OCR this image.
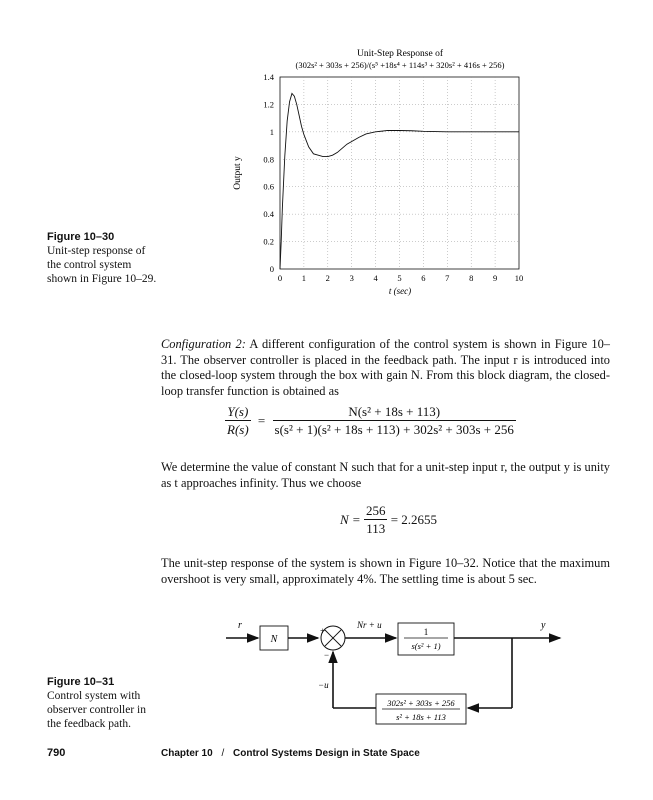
Unit-Step Response of
(302s² + 303s + 256)/(s⁵ +18s⁴ + 114s³ + 320s² + 416s + 256)
0
0.2
0.4
0.6
0.8
1
1.2
1.4
0 1 2 3 4 5 6 7 8 9 10
Output y
t (sec)
Figure 10–30
Unit-step response of the control system shown in Figure 10–29.
Configuration 2: A different configuration of the control system is shown in Figure 10–31. The observer controller is placed in the feedback path. The input r is introduced into the closed-loop system through the box with gain N. From this block diagram, the closed-loop transfer function is obtained as
$\frac{Y(s)}{R(s)} = \frac{\text{N(s² + 18s + 113)}}{\text{s(s² + 1)(s² + 18s + 113) + 302s² + 303s + 256}}$
We determine the value of constant N such that for a unit-step input r, the output y is unity as t approaches infinity. Thus we choose
$N = \frac{256}{113} = 2.2655$
The unit-step response of the system is shown in Figure 10–32. Notice that the maximum overshoot is very small, approximately 4%. The settling time is about 5 sec.
r
N
+
−
Nr + u
1
s(s² + 1)
y
302s² + 303s + 256
s² + 18s + 113
−u
Figure 10–31
Control system with observer controller in the feedback path.
790	Chapter 10 / Control Systems Design in State Space
